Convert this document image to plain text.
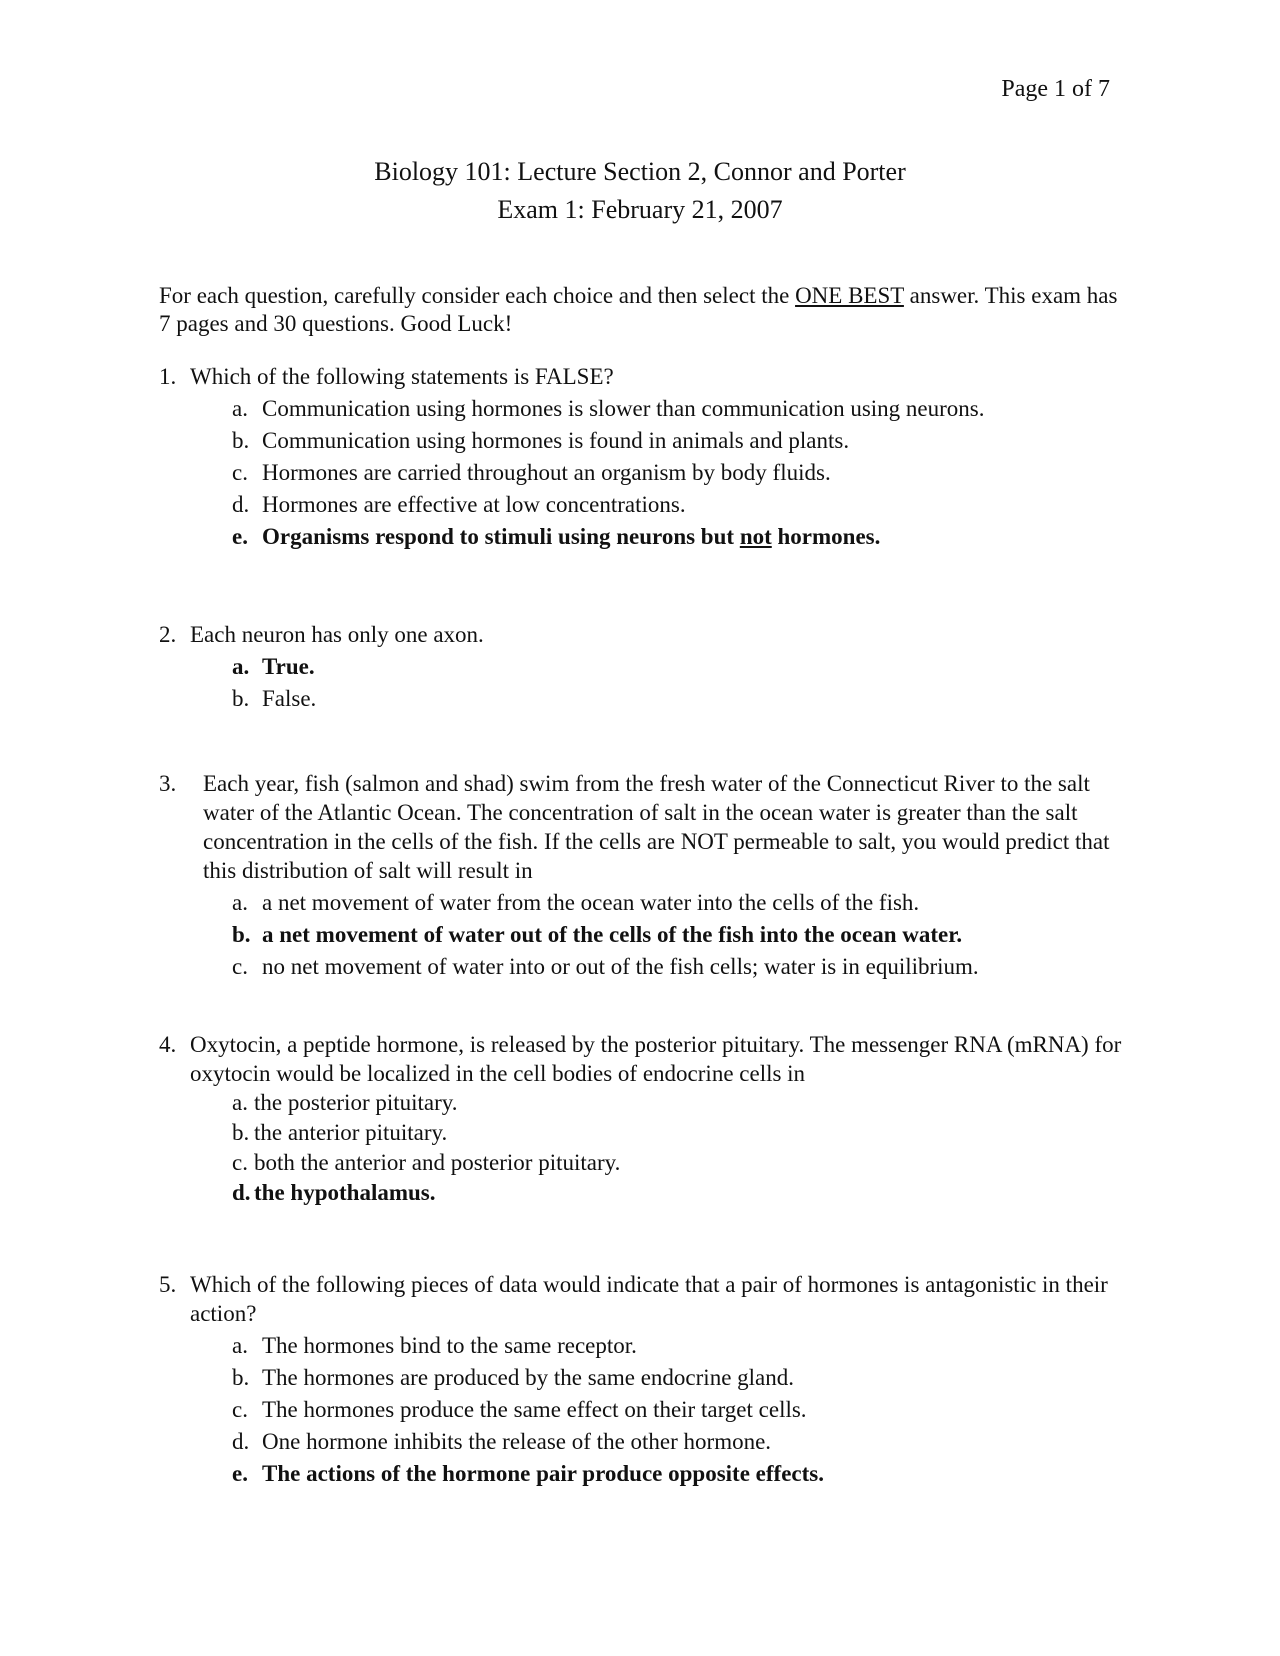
Page 1 of 7
Biology 101: Lecture Section 2, Connor and Porter
Exam 1: February 21, 2007
For each question, carefully consider each choice and then select the ONE BEST answer. This exam has 7 pages and 30 questions. Good Luck!
1. Which of the following statements is FALSE?
a. Communication using hormones is slower than communication using neurons.
b. Communication using hormones is found in animals and plants.
c. Hormones are carried throughout an organism by body fluids.
d. Hormones are effective at low concentrations.
e. Organisms respond to stimuli using neurons but not hormones.
2. Each neuron has only one axon.
a. True.
b. False.
3.	Each year, fish (salmon and shad) swim from the fresh water of the Connecticut River to the salt water of the Atlantic Ocean. The concentration of salt in the ocean water is greater than the salt concentration in the cells of the fish. If the cells are NOT permeable to salt, you would predict that this distribution of salt will result in
a. a net movement of water from the ocean water into the cells of the fish.
b. a net movement of water out of the cells of the fish into the ocean water.
c. no net movement of water into or out of the fish cells; water is in equilibrium.
4. Oxytocin, a peptide hormone, is released by the posterior pituitary. The messenger RNA (mRNA) for oxytocin would be localized in the cell bodies of endocrine cells in
a. the posterior pituitary.
b. the anterior pituitary.
c. both the anterior and posterior pituitary.
d. the hypothalamus.
5. Which of the following pieces of data would indicate that a pair of hormones is antagonistic in their action?
a. The hormones bind to the same receptor.
b. The hormones are produced by the same endocrine gland.
c. The hormones produce the same effect on their target cells.
d. One hormone inhibits the release of the other hormone.
e. The actions of the hormone pair produce opposite effects.
